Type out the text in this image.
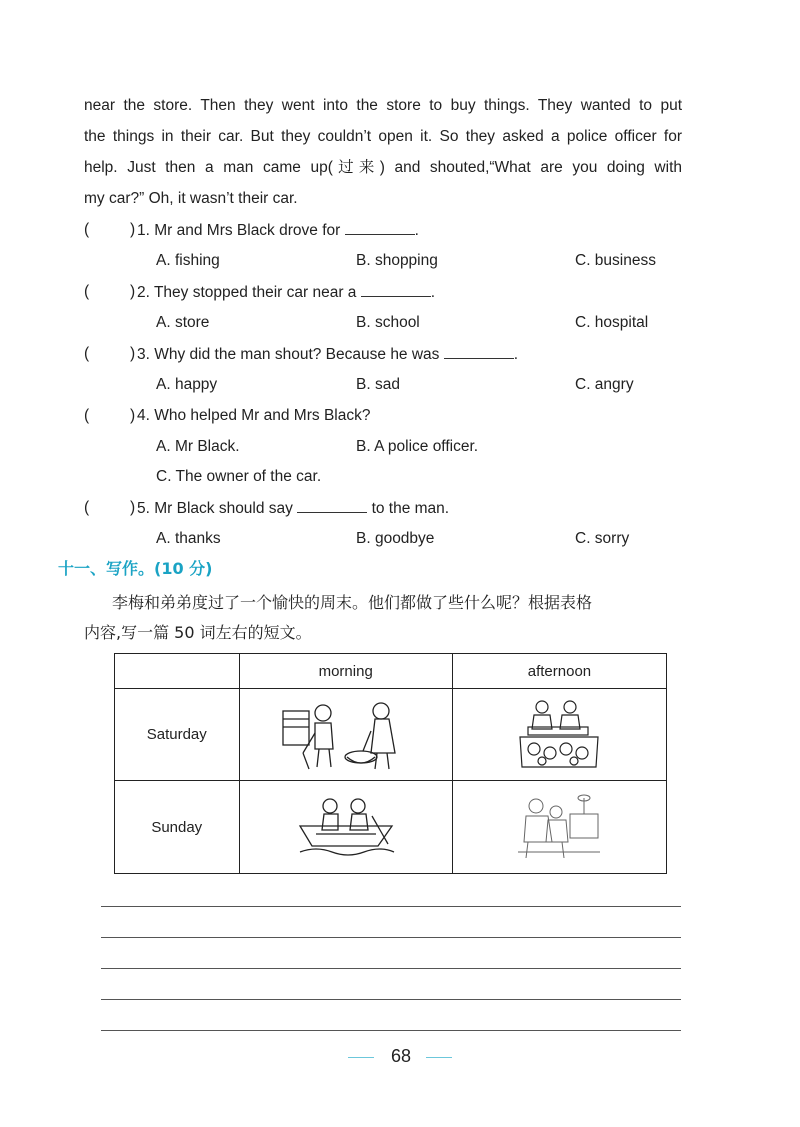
near the store. Then they went into the store to buy things. They wanted to put
the things in their car. But they couldn’t open it. So they asked a police officer for
help. Just then a man came up(过来) and shouted,“What are you doing with
my car?” Oh, it wasn’t their car.
(	) 1. Mr and Mrs Black drove for	.
A. fishing	B. shopping	C. business
(	) 2. They stopped their car near a	.
A. store	B. school	C. hospital
(	) 3. Why did the man shout? Because he was	.
A. happy	B. sad	C. angry
(	) 4. Who helped Mr and Mrs Black?
A. Mr Black.	B. A police officer.
C. The owner of the car.
(	) 5. Mr Black should say	to the man.
A. thanks	B. goodbye	C. sorry
十一、写作。(10 分)
李梅和弟弟度过了一个愉快的周末。他们都做了些什么呢？根据表格
内容,写一篇 50 词左右的短文。
	morning	afternoon
Saturday	

Sunday	

68
